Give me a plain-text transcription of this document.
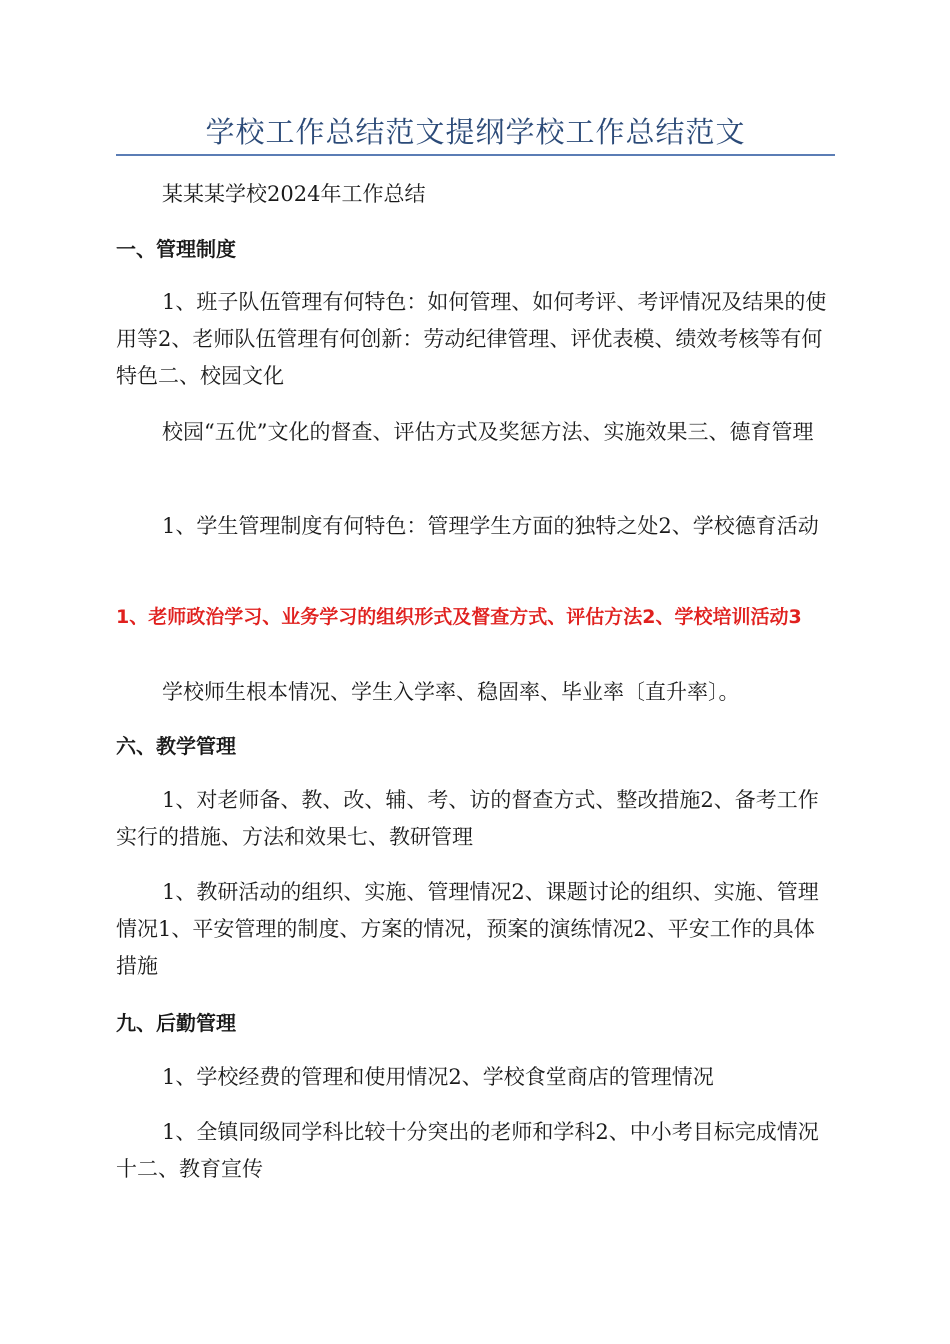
学校工作总结范文提纲学校工作总结范文

某某某学校2024年工作总结

一、管理制度

1、班子队伍管理有何特色：如何管理、如何考评、考评情况及结果的使用等2、老师队伍管理有何创新：劳动纪律管理、评优表模、绩效考核等有何特色二、校园文化

校园“五优”文化的督查、评估方式及奖惩方法、实施效果三、德育管理

1、学生管理制度有何特色：管理学生方面的独特之处2、学校德育活动

1、老师政治学习、业务学习的组织形式及督查方式、评估方法2、学校培训活动3

学校师生根本情况、学生入学率、稳固率、毕业率〔直升率〕。

六、教学管理

1、对老师备、教、改、辅、考、访的督查方式、整改措施2、备考工作实行的措施、方法和效果七、教研管理

1、教研活动的组织、实施、管理情况2、课题讨论的组织、实施、管理情况1、平安管理的制度、方案的情况，预案的演练情况2、平安工作的具体措施

九、后勤管理

1、学校经费的管理和使用情况2、学校食堂商店的管理情况

1、全镇同级同学科比较十分突出的老师和学科2、中小考目标完成情况十二、教育宣传
